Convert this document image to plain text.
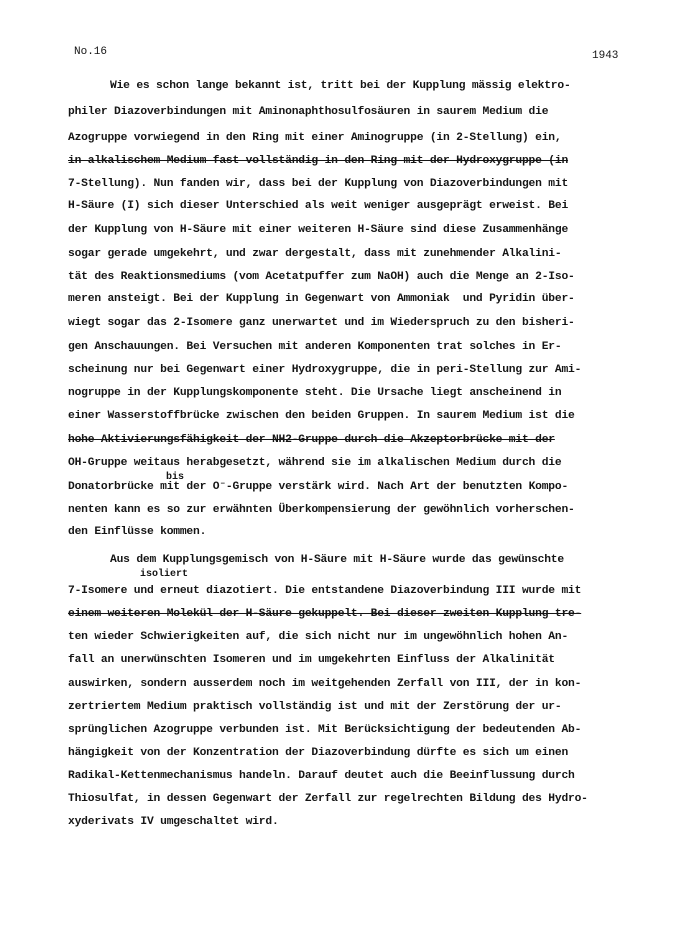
No.16	1943
Wie es schon lange bekannt ist, tritt bei der Kupplung mässig elektro-
philer Diazoverbindungen mit Aminonaphthosulfosäuren in saurem Medium die
Azogruppe vorwiegend in den Ring mit einer Aminogruppe (in 2-Stellung) ein,
in alkalischem Medium fast vollständig in den Ring mit der Hydroxygruppe (in
7-Stellung). Nun fanden wir, dass bei der Kupplung von Diazoverbindungen mit
H-Säure (I) sich dieser Unterschied als weit weniger ausgeprägt erweist. Bei
der Kupplung von H-Säure mit einer weiteren H-Säure sind diese Zusammenhänge
sogar gerade umgekehrt, und zwar dergestalt, dass mit zunehmender Alkalini-
tät des Reaktionsmediums (vom Acetatpuffer zum NaOH) auch die Menge an 2-Iso-
meren ansteigt. Bei der Kupplung in Gegenwart von Ammoniak  und Pyridin über-
wiegt sogar das 2-Isomere ganz unerwartet und im Wiederspruch zu den bisheri-
gen Anschauungen. Bei Versuchen mit anderen Komponenten trat solches in Er-
scheinung nur bei Gegenwart einer Hydroxygruppe, die in peri-Stellung zur Ami-
nogruppe in der Kupplungskomponente steht. Die Ursache liegt anscheinend in
einer Wasserstoffbrücke zwischen den beiden Gruppen. In saurem Medium ist die
hohe Aktivierungsfähigkeit der NH2-Gruppe durch die Akzeptorbrücke mit der
OH-Gruppe weitaus herabgesetzt, während sie im alkalischen Medium durch die
Donatorbrücke mit der O⁻-Gruppe verstärk wird. Nach Art der benutzten Kompo-
bis
nenten kann es so zur erwähnten Überkompensierung der gewöhnlich vorherschen-
den Einflüsse kommen.
Aus dem Kupplungsgemisch von H-Säure mit H-Säure wurde das gewünschte
isoliert
7-Isomere und erneut diazotiert. Die entstandene Diazoverbindung III wurde mit
einem weiteren Molekül der H-Säure gekuppelt. Bei dieser zweiten Kupplung tre-
ten wieder Schwierigkeiten auf, die sich nicht nur im ungewöhnlich hohen An-
fall an unerwünschten Isomeren und im umgekehrten Einfluss der Alkalinität
auswirken, sondern ausserdem noch im weitgehenden Zerfall von III, der in kon-
zertriertem Medium praktisch vollständig ist und mit der Zerstörung der ur-
sprünglichen Azogruppe verbunden ist. Mit Berücksichtigung der bedeutenden Ab-
hängigkeit von der Konzentration der Diazoverbindung dürfte es sich um einen
Radikal-Kettenmechanismus handeln. Darauf deutet auch die Beeinflussung durch
Thiosulfat, in dessen Gegenwart der Zerfall zur regelrechten Bildung des Hydro-
xyderivats IV umgeschaltet wird.
